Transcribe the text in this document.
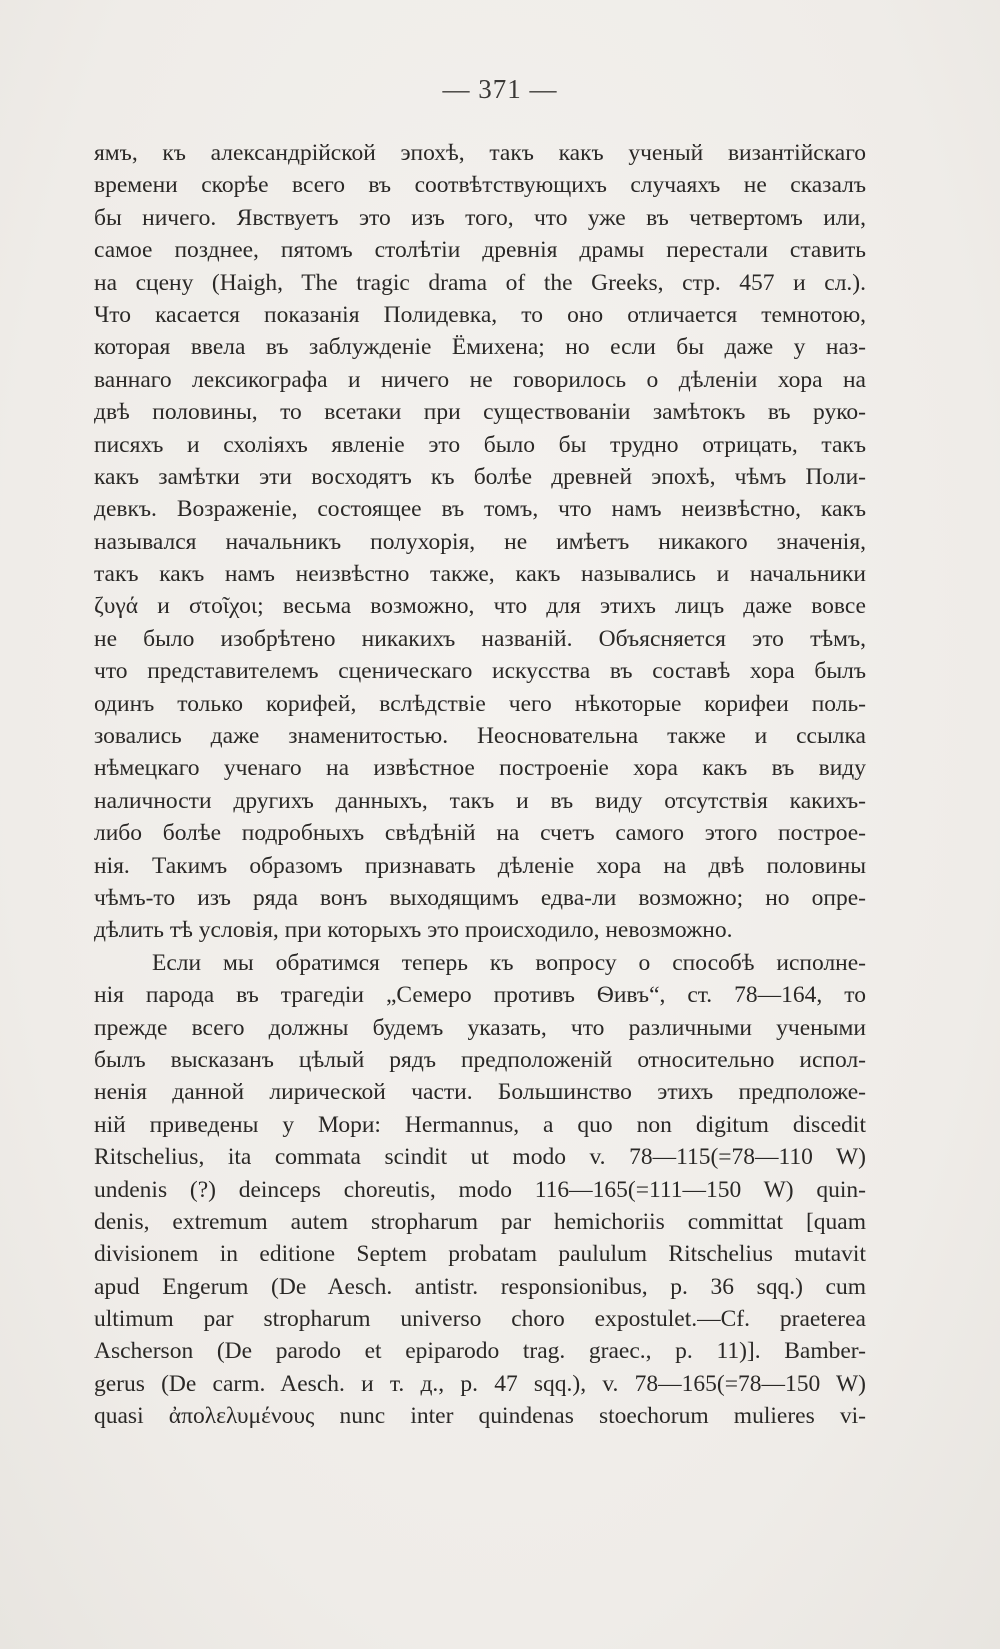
— 371 —
ямъ, къ александрійской эпохѣ, такъ какъ ученый византійскаго
времени скорѣе всего въ соотвѣтствующихъ случаяхъ не сказалъ
бы ничего. Явствуетъ это изъ того, что уже въ четвертомъ или,
самое позднее, пятомъ столѣтіи древнія драмы перестали ставить
на сцену (Haigh, The tragic drama of the Greeks, стр. 457 и сл.).
Что касается показанія Полидевка, то оно отличается темнотою,
которая ввела въ заблужденіе Ёмихена; но если бы даже у наз-
ваннаго лексикографа и ничего не говорилось о дѣленіи хора на
двѣ половины, то всетаки при существованіи замѣтокъ въ руко-
писяхъ и схоліяхъ явленіе это было бы трудно отрицать, такъ
какъ замѣтки эти восходятъ къ болѣе древней эпохѣ, чѣмъ Поли-
девкъ. Возраженіе, состоящее въ томъ, что намъ неизвѣстно, какъ
назывался начальникъ полухорія, не имѣетъ никакого значенія,
такъ какъ намъ неизвѣстно также, какъ назывались и начальники
ζυγά и στοῖχοι; весьма возможно, что для этихъ лицъ даже вовсе
не было изобрѣтено никакихъ названій. Объясняется это тѣмъ,
что представителемъ сценическаго искусства въ составѣ хора былъ
одинъ только корифей, вслѣдствіе чего нѣкоторые корифеи поль-
зовались даже знаменитостью. Неосновательна также и ссылка
нѣмецкаго ученаго на извѣстное построеніе хора какъ въ виду
наличности другихъ данныхъ, такъ и въ виду отсутствія какихъ-
либо болѣе подробныхъ свѣдѣній на счетъ самого этого построе-
нія. Такимъ образомъ признавать дѣленіе хора на двѣ половины
чѣмъ-то изъ ряда вонъ выходящимъ едва-ли возможно; но опре-
дѣлить тѣ условія, при которыхъ это происходило, невозможно.
Если мы обратимся теперь къ вопросу о способѣ исполне-
нія парода въ трагедіи „Семеро противъ Ѳивъ“, ст. 78—164, то
прежде всего должны будемъ указать, что различными учеными
былъ высказанъ цѣлый рядъ предположеній относительно испол-
ненія данной лирической части. Большинство этихъ предположе-
ній приведены у Мори: Hermannus, a quo non digitum discedit
Ritschelius, ita commata scindit ut modo v. 78—115(=78—110 W)
undenis (?) deinceps choreutis, modo 116—165(=111—150 W) quin-
denis, extremum autem stropharum par hemichoriis committat [quam
divisionem in editione Septem probatam paululum Ritschelius mutavit
apud Engerum (De Aesch. antistr. responsionibus, p. 36 sqq.) cum
ultimum par stropharum universo choro expostulet.—Cf. praeterea
Ascherson (De parodo et epiparodo trag. graec., p. 11)]. Bamber-
gerus (De carm. Aesch. и т. д., p. 47 sqq.), v. 78—165(=78—150 W)
quasi ἀπολελυμένους nunc inter quindenas stoechorum mulieres vi-
